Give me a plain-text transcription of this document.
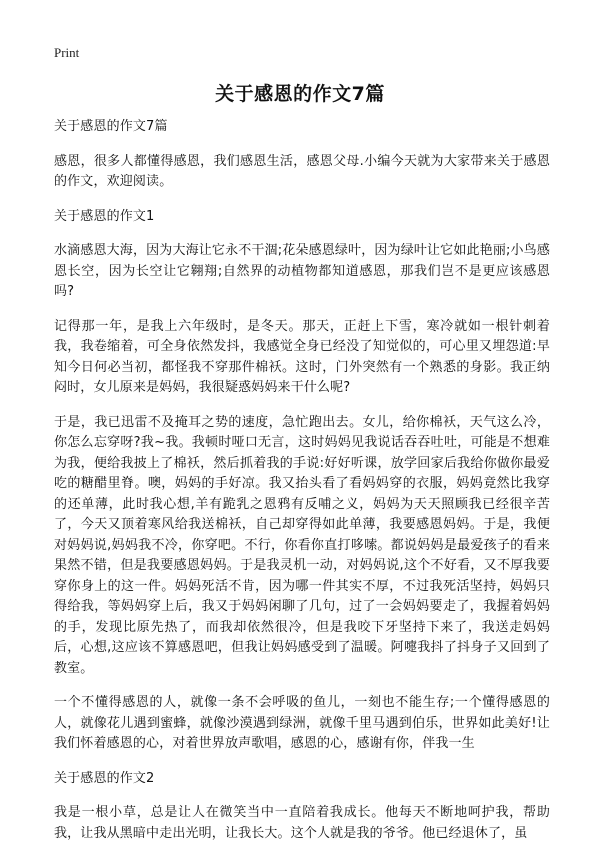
Print
关于感恩的作文7篇

关于感恩的作文7篇

感恩，很多人都懂得感恩，我们感恩生活，感恩父母.小编今天就为大家带来关于感恩的作文，欢迎阅读。

关于感恩的作文1

水滴感恩大海，因为大海让它永不干涸;花朵感恩绿叶，因为绿叶让它如此艳丽;小鸟感恩长空，因为长空让它翱翔;自然界的动植物都知道感恩，那我们岂不是更应该感恩吗?

记得那一年，是我上六年级时，是冬天。那天，正赶上下雪，寒冷就如一根针刺着我，我卷缩着，可全身依然发抖，我感觉全身已经没了知觉似的，可心里又埋怨道:早知今日何必当初，都怪我不穿那件棉袄。这时，门外突然有一个熟悉的身影。我正纳闷时，女儿原来是妈妈，我很疑惑妈妈来干什么呢?

于是，我已迅雷不及掩耳之势的速度，急忙跑出去。女儿，给你棉袄，天气这么冷，你怎么忘穿呀?我~我。我顿时哑口无言，这时妈妈见我说话吞吞吐吐，可能是不想难为我，便给我披上了棉袄，然后抓着我的手说:好好听课，放学回家后我给你做你最爱吃的糖醋里脊。噢，妈妈的手好凉。我又抬头看了看妈妈穿的衣服，妈妈竟然比我穿的还单薄，此时我心想,羊有跪乳之恩鸦有反哺之义，妈妈为天天照顾我已经很辛苦了，今天又顶着寒风给我送棉袄，自己却穿得如此单薄，我要感恩妈妈。于是，我便对妈妈说,妈妈我不冷，你穿吧。不行，你看你直打哆嗦。都说妈妈是最爱孩子的看来果然不错，但是我要感恩妈妈。于是我灵机一动，对妈妈说,这个不好看，又不厚我要穿你身上的这一件。妈妈死活不肯，因为哪一件其实不厚，不过我死活坚持，妈妈只得给我，等妈妈穿上后，我又于妈妈闲聊了几句，过了一会妈妈要走了，我握着妈妈的手，发现比原先热了，而我却依然很冷，但是我咬下牙坚持下来了，我送走妈妈后，心想,这应该不算感恩吧，但我让妈妈感受到了温暖。阿嚏我抖了抖身子又回到了教室。

一个不懂得感恩的人，就像一条不会呼吸的鱼儿，一刻也不能生存;一个懂得感恩的人，就像花儿遇到蜜蜂，就像沙漠遇到绿洲，就像千里马遇到伯乐，世界如此美好!让我们怀着感恩的心，对着世界放声歌唱，感恩的心，感谢有你，伴我一生

关于感恩的作文2

我是一根小草，总是让人在微笑当中一直陪着我成长。他每天不断地呵护我，帮助我，让我从黑暗中走出光明，让我长大。这个人就是我的爷爷。他已经退休了，虽
